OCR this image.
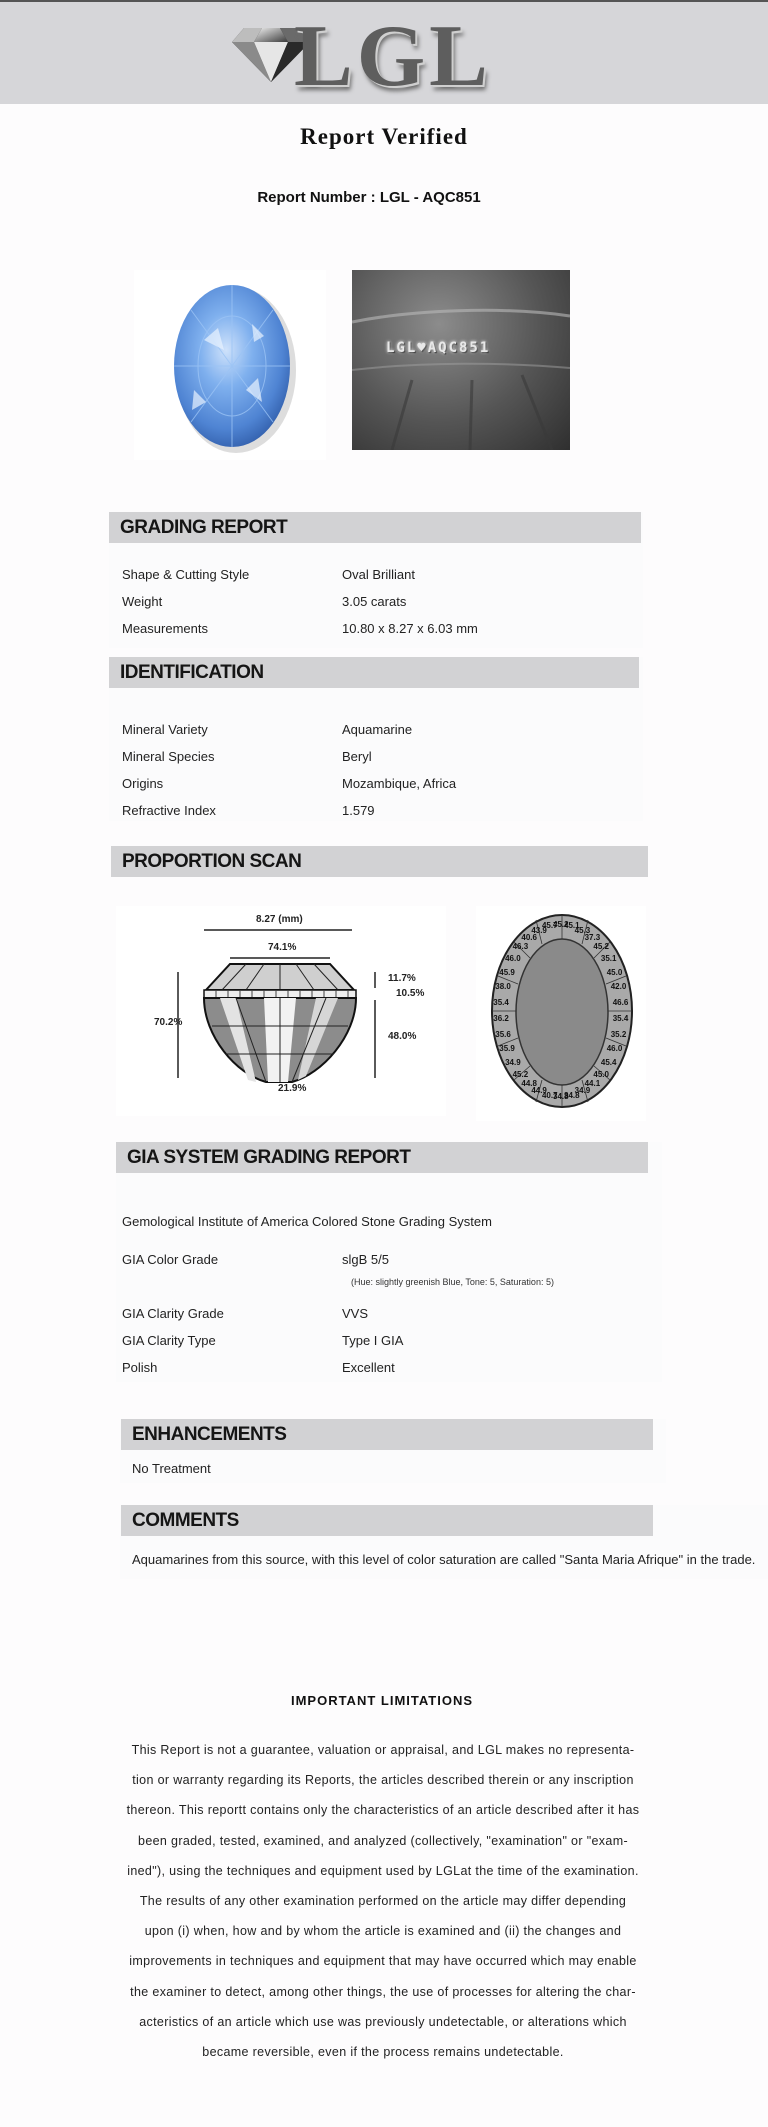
LGL
Report Verified
Report Number : LGL - AQC851
LGL♥AQC851
GRADING REPORT
Shape & Cutting Style	Oval Brilliant
Weight	3.05 carats
Measurements	10.80 x 8.27 x 6.03 mm
IDENTIFICATION
Mineral Variety	Aquamarine
Mineral Species	Beryl
Origins	Mozambique, Africa
Refractive Index	1.579
PROPORTION SCAN
8.27 (mm)
74.1%
70.2%
11.7%
10.5%
48.0%
21.9%
45.2
45.1
45.3
37.3
45.2
35.1
45.0
42.0
46.6
35.4
35.2
46.0
45.4
45.0
44.1
34.9
34.8
34.8
40.7
44.9
44.8
45.2
34.9
35.9
35.6
36.2
35.4
38.0
45.9
46.0
46.3
40.6
43.9
45.7
GIA SYSTEM GRADING REPORT
Gemological Institute of America Colored Stone Grading System
GIA Color Grade	slgB 5/5
(Hue: slightly greenish Blue, Tone: 5, Saturation: 5)
GIA Clarity Grade	VVS
GIA Clarity Type	Type I GIA
Polish	Excellent
ENHANCEMENTS
No Treatment
COMMENTS
Aquamarines from this source, with this level of color saturation are called "Santa Maria Afrique" in the trade.
IMPORTANT LIMITATIONS
This Report is not a guarantee, valuation or appraisal, and LGL makes no representa-
tion or warranty regarding its Reports, the articles described therein or any inscription
thereon. This reportt contains only the characteristics of an article described after it has
been graded, tested, examined, and analyzed (collectively, "examination" or "exam-
ined"), using the techniques and equipment used by LGLat the time of the examination.
The results of any other examination performed on the article may differ depending
upon (i) when, how and by whom the article is examined and (ii) the changes and
improvements in techniques and equipment that may have occurred which may enable
the examiner to detect, among other things, the use of processes for altering the char-
acteristics of an article which use was previously undetectable, or alterations which
became reversible, even if the process remains undetectable.
